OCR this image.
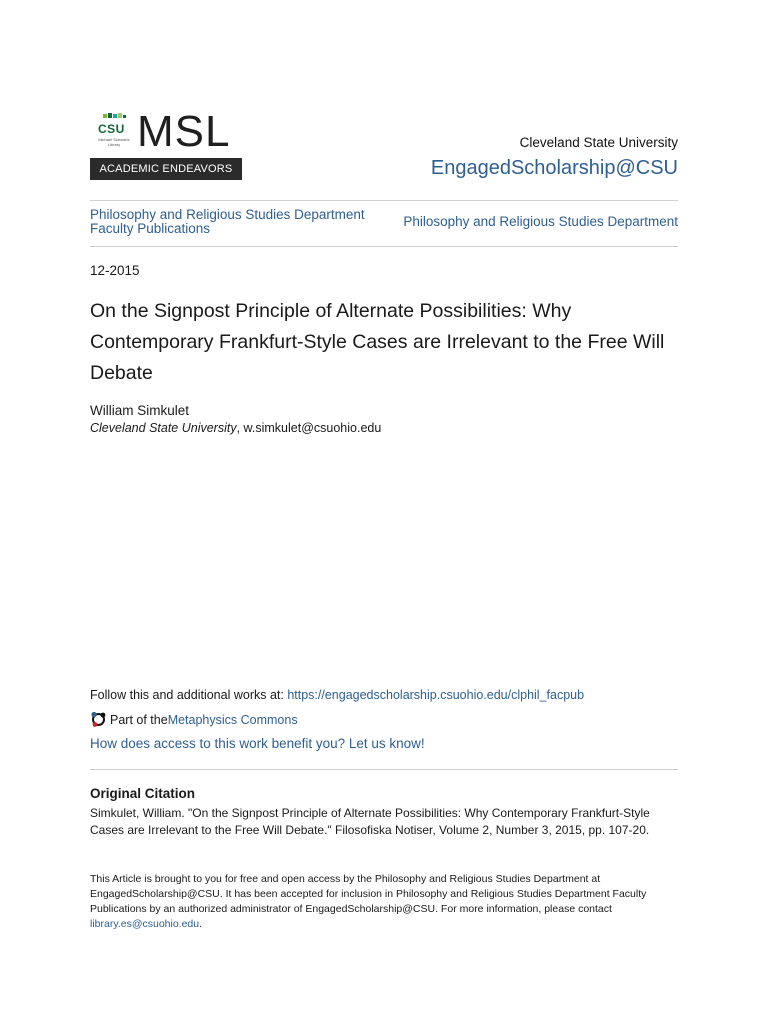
CSU
Michael Schwartz Library MSL
ACADEMIC ENDEAVORS
Cleveland State University
EngagedScholarship@CSU
Philosophy and Religious Studies Department
Faculty Publications	Philosophy and Religious Studies Department
12-2015
On the Signpost Principle of Alternate Possibilities: Why Contemporary Frankfurt-Style Cases are Irrelevant to the Free Will Debate
William Simkulet
Cleveland State University, w.simkulet@csuohio.edu
Follow this and additional works at: https://engagedscholarship.csuohio.edu/clphil_facpub
Part of the Metaphysics Commons
How does access to this work benefit you? Let us know!
Original Citation
Simkulet, William. "On the Signpost Principle of Alternate Possibilities: Why Contemporary Frankfurt-Style Cases are Irrelevant to the Free Will Debate." Filosofiska Notiser, Volume 2, Number 3, 2015, pp. 107-20.
This Article is brought to you for free and open access by the Philosophy and Religious Studies Department at EngagedScholarship@CSU. It has been accepted for inclusion in Philosophy and Religious Studies Department Faculty Publications by an authorized administrator of EngagedScholarship@CSU. For more information, please contact library.es@csuohio.edu.
